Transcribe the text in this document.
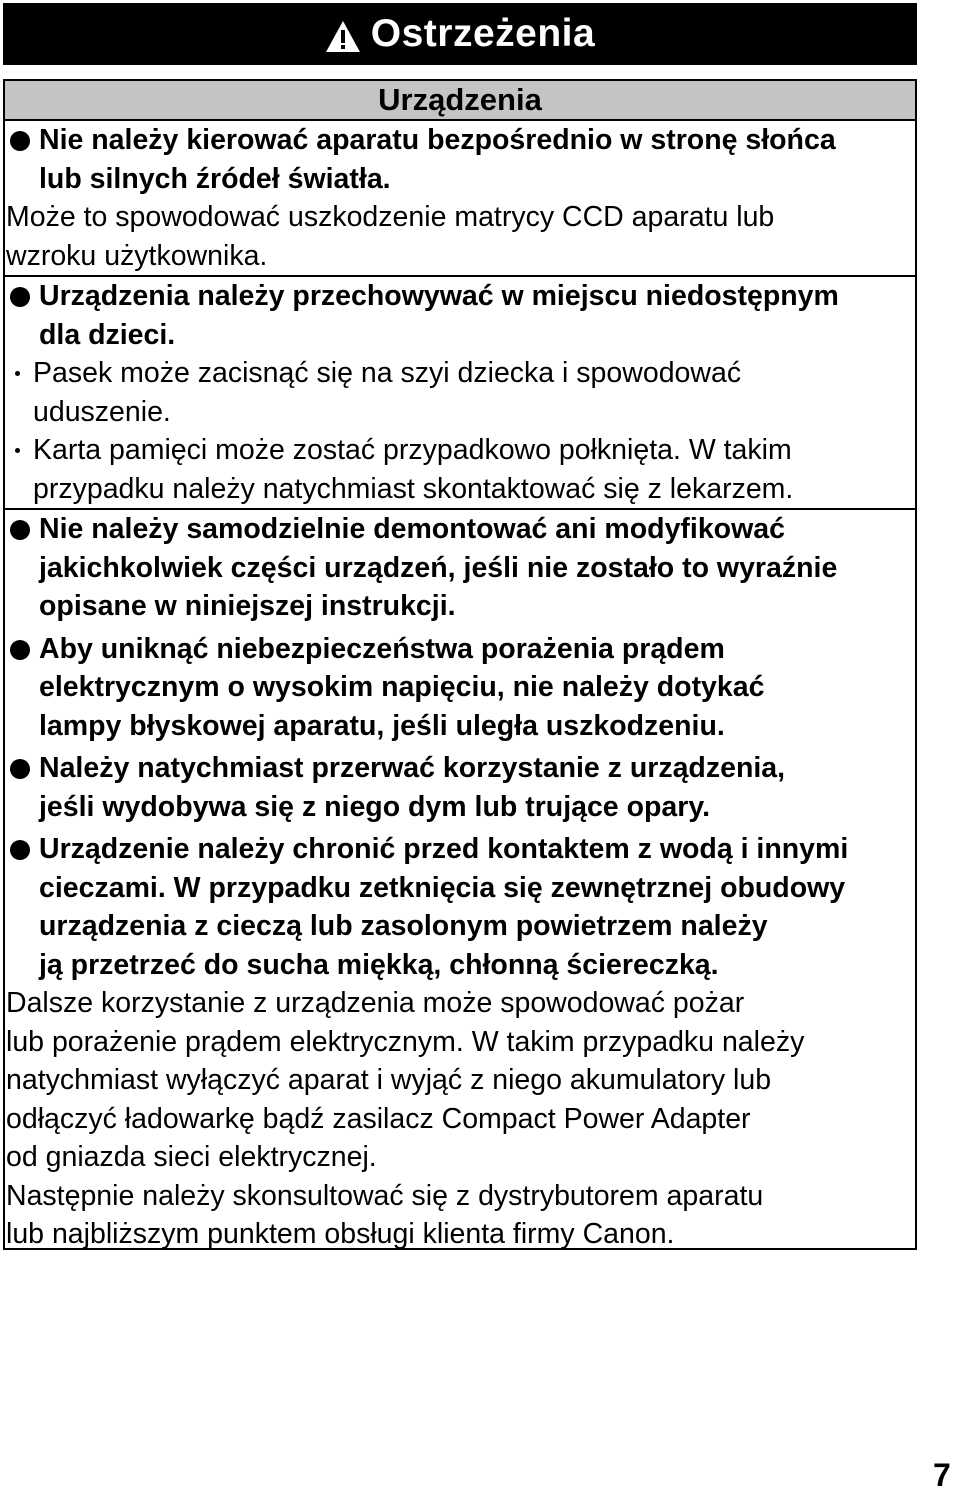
Ostrzeżenia
Urządzenia
Nie należy kierować aparatu bezpośrednio w stronę słońca
lub silnych źródeł światła.
Może to spowodować uszkodzenie matrycy CCD aparatu lub
wzroku użytkownika.
Urządzenia należy przechowywać w miejscu niedostępnym
dla dzieci.
Pasek może zacisnąć się na szyi dziecka i spowodować
uduszenie.
Karta pamięci może zostać przypadkowo połknięta. W takim
przypadku należy natychmiast skontaktować się z lekarzem.
Nie należy samodzielnie demontować ani modyfikować
jakichkolwiek części urządzeń, jeśli nie zostało to wyraźnie
opisane w niniejszej instrukcji.
Aby uniknąć niebezpieczeństwa porażenia prądem
elektrycznym o wysokim napięciu, nie należy dotykać
lampy błyskowej aparatu, jeśli uległa uszkodzeniu.
Należy natychmiast przerwać korzystanie z urządzenia,
jeśli wydobywa się z niego dym lub trujące opary.
Urządzenie należy chronić przed kontaktem z wodą i innymi
cieczami. W przypadku zetknięcia się zewnętrznej obudowy
urządzenia z cieczą lub zasolonym powietrzem należy
ją przetrzeć do sucha miękką, chłonną ściereczką.
Dalsze korzystanie z urządzenia może spowodować pożar
lub porażenie prądem elektrycznym. W takim przypadku należy
natychmiast wyłączyć aparat i wyjąć z niego akumulatory lub
odłączyć ładowarkę bądź zasilacz Compact Power Adapter
od gniazda sieci elektrycznej.
Następnie należy skonsultować się z dystrybutorem aparatu
lub najbliższym punktem obsługi klienta firmy Canon.
7
